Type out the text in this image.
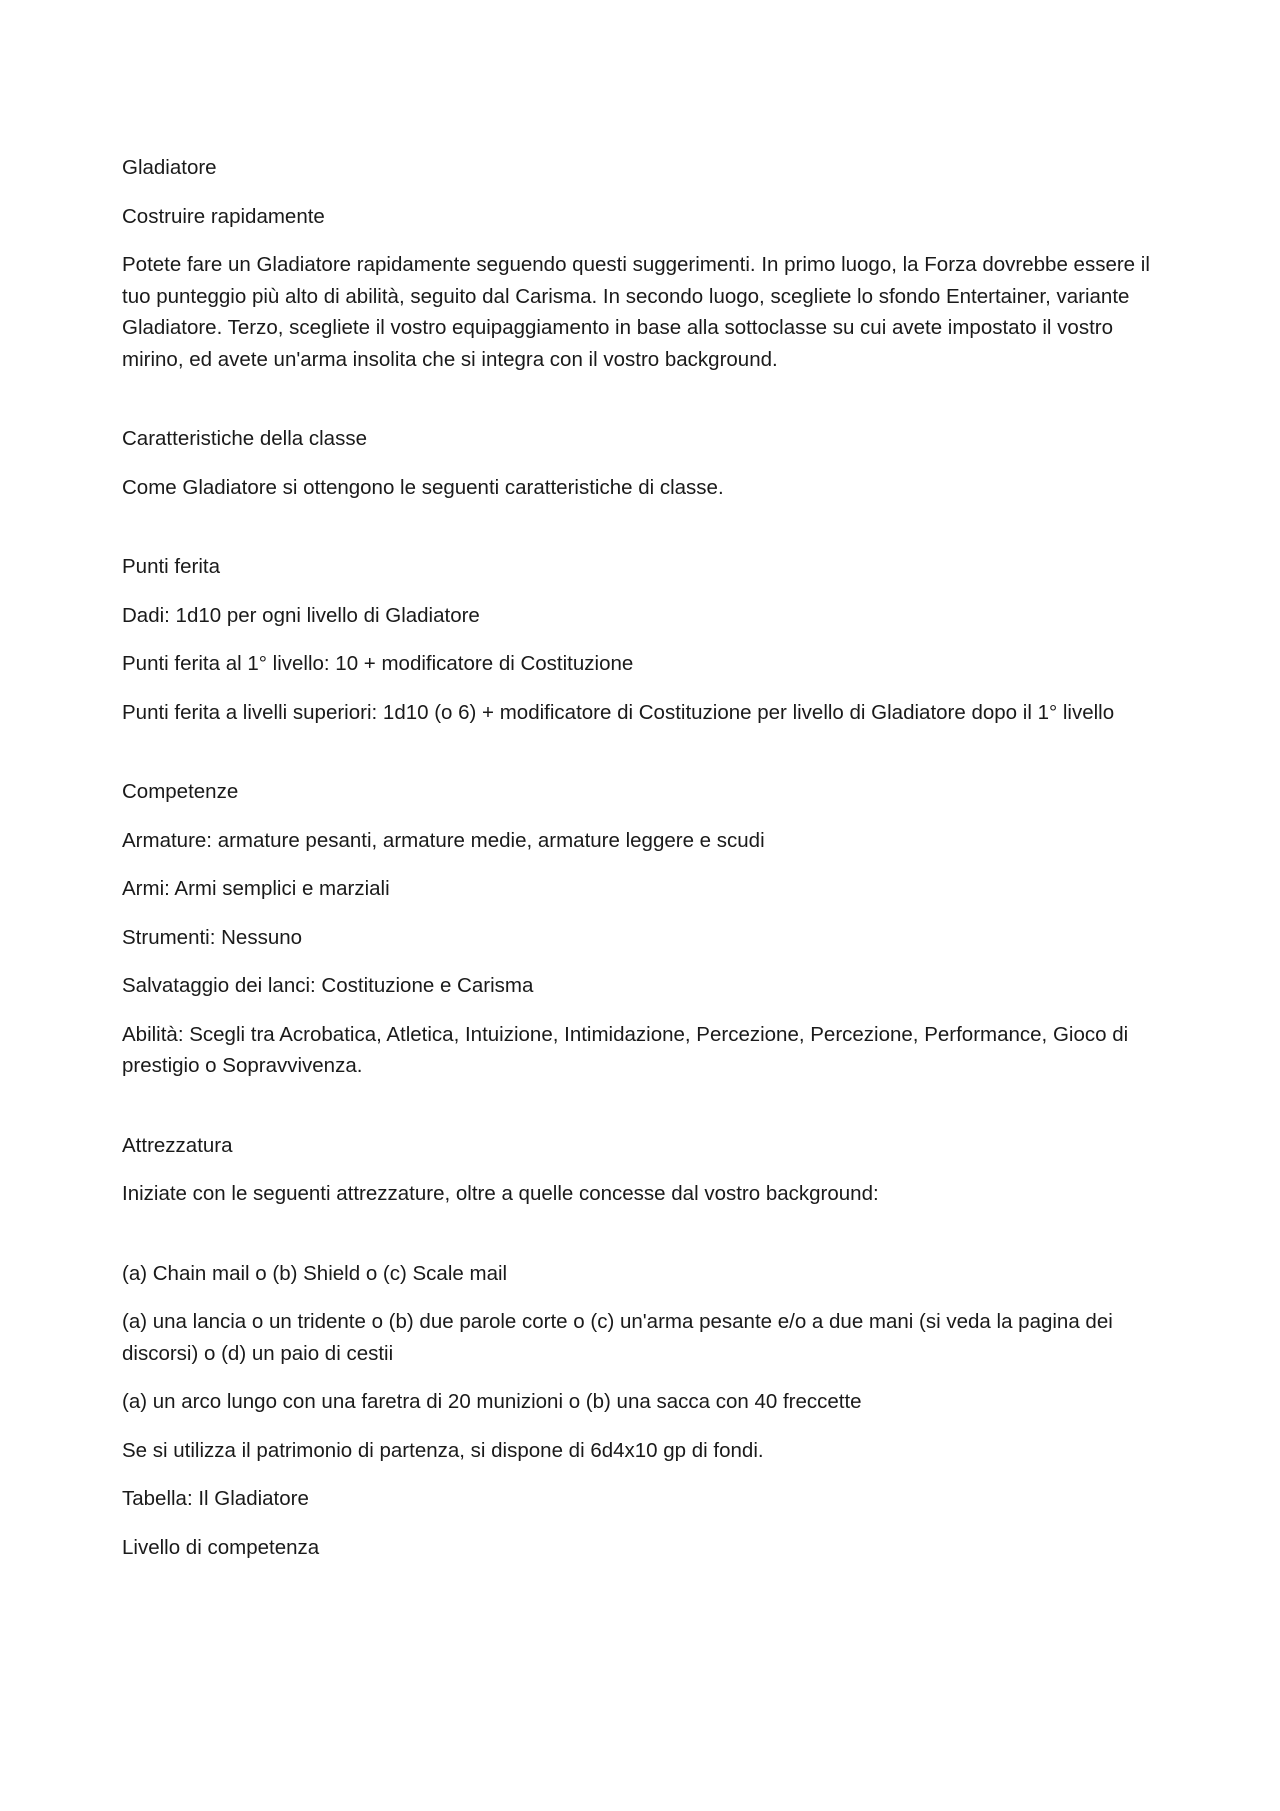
Gladiatore

Costruire rapidamente

Potete fare un Gladiatore rapidamente seguendo questi suggerimenti. In primo luogo, la Forza dovrebbe essere il tuo punteggio più alto di abilità, seguito dal Carisma. In secondo luogo, scegliete lo sfondo Entertainer, variante Gladiatore. Terzo, scegliete il vostro equipaggiamento in base alla sottoclasse su cui avete impostato il vostro mirino, ed avete un'arma insolita che si integra con il vostro background.

Caratteristiche della classe

Come Gladiatore si ottengono le seguenti caratteristiche di classe.

Punti ferita

Dadi: 1d10 per ogni livello di Gladiatore

Punti ferita al 1° livello: 10 + modificatore di Costituzione

Punti ferita a livelli superiori: 1d10 (o 6) + modificatore di Costituzione per livello di Gladiatore dopo il 1° livello

Competenze

Armature: armature pesanti, armature medie, armature leggere e scudi

Armi: Armi semplici e marziali

Strumenti: Nessuno

Salvataggio dei lanci: Costituzione e Carisma

Abilità: Scegli tra Acrobatica, Atletica, Intuizione, Intimidazione, Percezione, Percezione, Performance, Gioco di prestigio o Sopravvivenza.

Attrezzatura

Iniziate con le seguenti attrezzature, oltre a quelle concesse dal vostro background:

(a) Chain mail o (b) Shield o (c) Scale mail

(a) una lancia o un tridente o (b) due parole corte o (c) un'arma pesante e/o a due mani (si veda la pagina dei discorsi) o (d) un paio di cestii

(a) un arco lungo con una faretra di 20 munizioni o (b) una sacca con 40 freccette

Se si utilizza il patrimonio di partenza, si dispone di 6d4x10 gp di fondi.

Tabella: Il Gladiatore

Livello di competenza
